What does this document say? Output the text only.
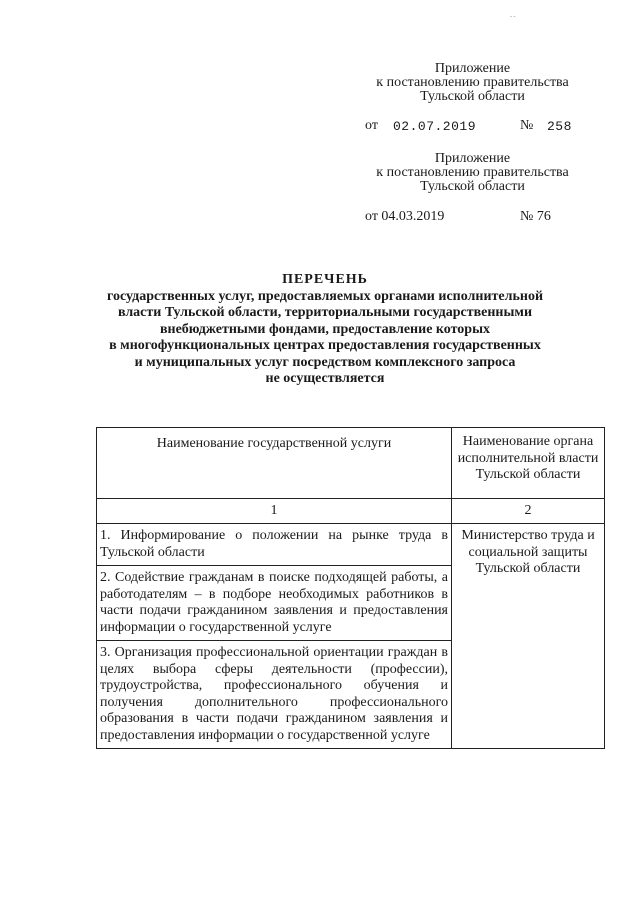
- -
Приложение
к постановлению правительства
Тульской области
от 02.07.2019	№ 258
Приложение
к постановлению правительства
Тульской области
от 04.03.2019	№ 76
ПЕРЕЧЕНЬ
государственных услуг, предоставляемых органами исполнительной
власти Тульской области, территориальными государственными
внебюджетными фондами, предоставление которых
в многофункциональных центрах предоставления государственных
и муниципальных услуг посредством комплексного запроса
не осуществляется
Наименование государственной услуги	Наименование органа исполнительной власти Тульской области
1	2
1. Информирование о положении на рынке труда в Тульской области	Министерство труда и социальной защиты Тульской области
2. Содействие гражданам в поиске подходящей работы, а работодателям – в подборе необходимых работников в части подачи гражданином заявления и предоставления информации о государственной услуге	
3. Организация профессиональной ориентации граждан в целях выбора сферы деятельности (профессии), трудоустройства, профессионального обучения и получения дополнительного профессионального образования в части подачи гражданином заявления и предоставления информации о государственной услуге	
